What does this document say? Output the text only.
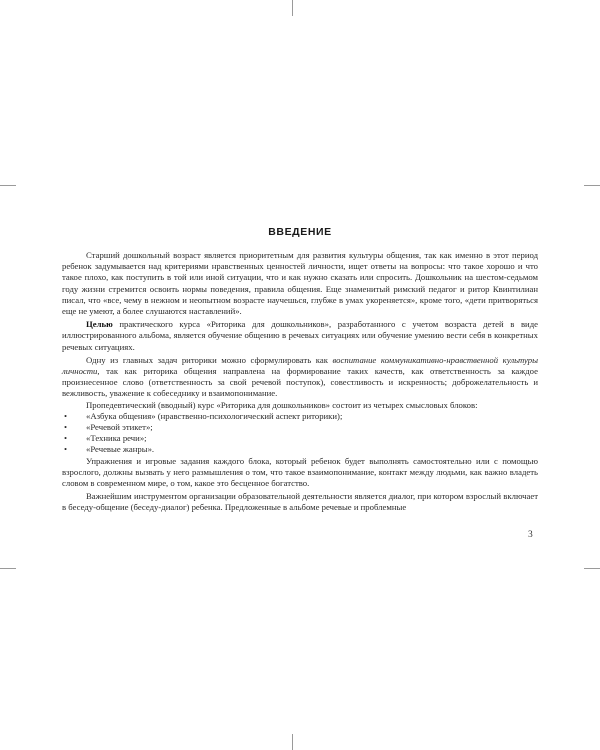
ВВЕДЕНИЕ

Старший дошкольный возраст является приоритетным для развития культуры общения, так как именно в этот период ребенок задумывается над критериями нравственных ценностей личности, ищет ответы на вопросы: что такое хорошо и что такое плохо, как поступить в той или иной ситуации, что и как нужно сказать или спросить. Дошкольник на шестом-седьмом году жизни стремится освоить нормы поведения, правила общения. Еще знаменитый римский педагог и ритор Квинтилиан писал, что «все, чему в нежном и неопытном возрасте научешься, глубже в умах укореняется», кроме того, «дети притворяться еще не умеют, а более слушаются наставлений».

Целью практического курса «Риторика для дошкольников», разработанного с учетом возраста детей в виде иллюстрированного альбома, является обучение общению в речевых ситуациях или обучение умению вести себя в конкретных речевых ситуациях.

Одну из главных задач риторики можно сформулировать как воспитание коммуникативно-нравственной культуры личности, так как риторика общения направлена на формирование таких качеств, как ответственность за каждое произнесенное слово (ответственность за свой речевой поступок), совестливость и искренность; доброжелательность и вежливость, уважение к собеседнику и взаимопонимание.

Пропедевтический (вводный) курс «Риторика для дошкольников» состоит из четырех смысловых блоков:

• «Азбука общения» (нравственно-психологический аспект риторики);
• «Речевой этикет»;
• «Техника речи»;
• «Речевые жанры».

Упражнения и игровые задания каждого блока, который ребенок будет выполнять самостоятельно или с помощью взрослого, должны вызвать у него размышления о том, что такое взаимопонимание, контакт между людьми, как важно владеть словом в современном мире, о том, какое это бесценное богатство.

Важнейшим инструментом организации образовательной деятельности является диалог, при котором взрослый включает в беседу-общение (беседу-диалог) ребенка. Предложенные в альбоме речевые и проблемные

3
